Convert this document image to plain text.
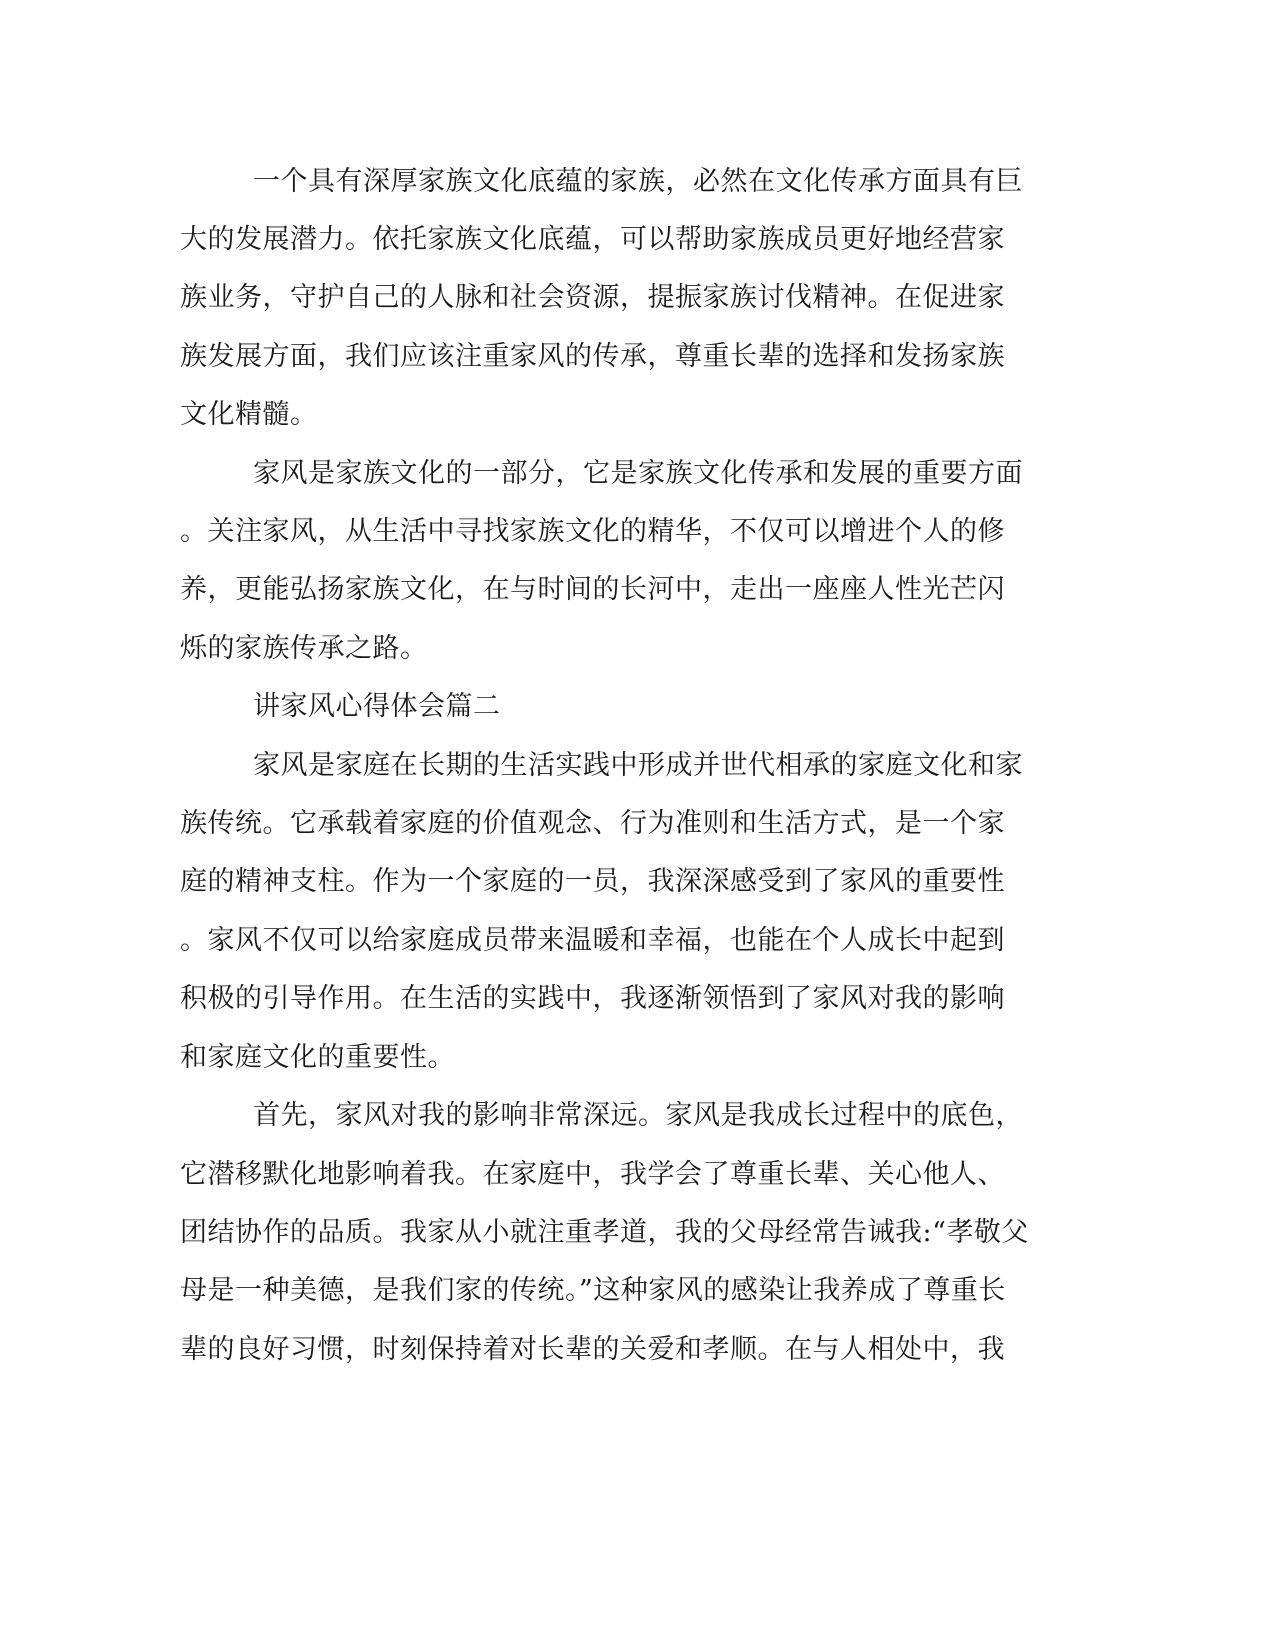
一个具有深厚家族文化底蕴的家族，必然在文化传承方面具有巨
大的发展潜力。依托家族文化底蕴，可以帮助家族成员更好地经营家
族业务，守护自己的人脉和社会资源，提振家族讨伐精神。在促进家
族发展方面，我们应该注重家风的传承，尊重长辈的选择和发扬家族
文化精髓。
家风是家族文化的一部分，它是家族文化传承和发展的重要方面
。关注家风，从生活中寻找家族文化的精华，不仅可以增进个人的修
养，更能弘扬家族文化，在与时间的长河中，走出一座座人性光芒闪
烁的家族传承之路。
讲家风心得体会篇二
家风是家庭在长期的生活实践中形成并世代相承的家庭文化和家
族传统。它承载着家庭的价值观念、行为准则和生活方式，是一个家
庭的精神支柱。作为一个家庭的一员，我深深感受到了家风的重要性
。家风不仅可以给家庭成员带来温暖和幸福，也能在个人成长中起到
积极的引导作用。在生活的实践中，我逐渐领悟到了家风对我的影响
和家庭文化的重要性。
首先，家风对我的影响非常深远。家风是我成长过程中的底色，
它潜移默化地影响着我。在家庭中，我学会了尊重长辈、关心他人、
团结协作的品质。我家从小就注重孝道，我的父母经常告诫我:“孝敬父
母是一种美德，是我们家的传统。”这种家风的感染让我养成了尊重长
辈的良好习惯，时刻保持着对长辈的关爱和孝顺。在与人相处中，我
